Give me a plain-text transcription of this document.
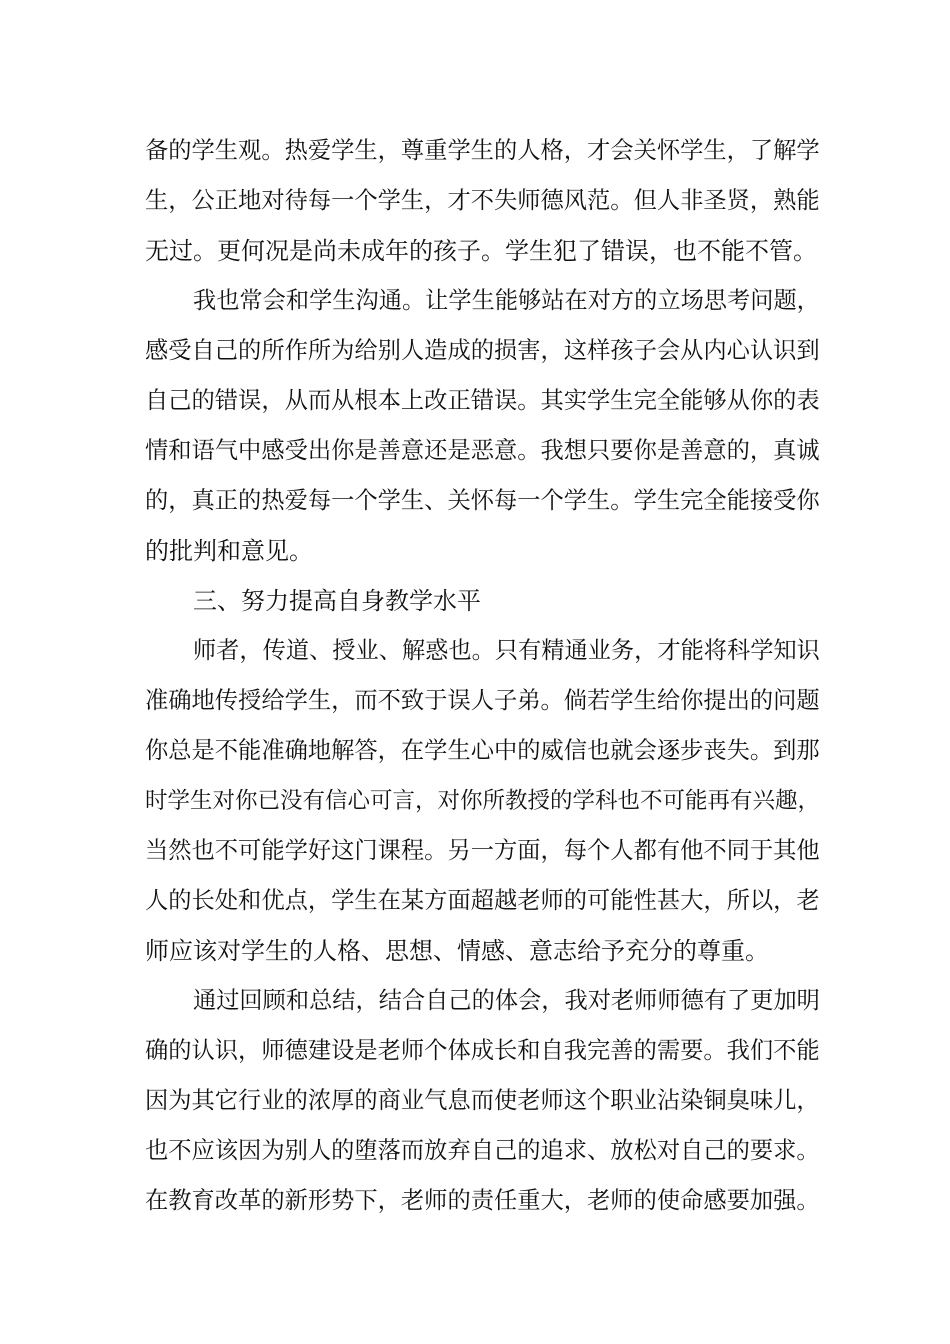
备的学生观。热爱学生，尊重学生的人格，才会关怀学生，了解学

生，公正地对待每一个学生，才不失师德风范。但人非圣贤，熟能

无过。更何况是尚未成年的孩子。学生犯了错误，也不能不管。

我也常会和学生沟通。让学生能够站在对方的立场思考问题，

感受自己的所作所为给别人造成的损害，这样孩子会从内心认识到

自己的错误，从而从根本上改正错误。其实学生完全能够从你的表

情和语气中感受出你是善意还是恶意。我想只要你是善意的，真诚

的，真正的热爱每一个学生、关怀每一个学生。学生完全能接受你

的批判和意见。

三、努力提高自身教学水平

师者，传道、授业、解惑也。只有精通业务，才能将科学知识

准确地传授给学生，而不致于误人子弟。倘若学生给你提出的问题

你总是不能准确地解答，在学生心中的威信也就会逐步丧失。到那

时学生对你已没有信心可言，对你所教授的学科也不可能再有兴趣，

当然也不可能学好这门课程。另一方面，每个人都有他不同于其他

人的长处和优点，学生在某方面超越老师的可能性甚大，所以，老

师应该对学生的人格、思想、情感、意志给予充分的尊重。

通过回顾和总结，结合自己的体会，我对老师师德有了更加明

确的认识，师德建设是老师个体成长和自我完善的需要。我们不能

因为其它行业的浓厚的商业气息而使老师这个职业沾染铜臭味儿，

也不应该因为别人的堕落而放弃自己的追求、放松对自己的要求。

在教育改革的新形势下，老师的责任重大，老师的使命感要加强。
